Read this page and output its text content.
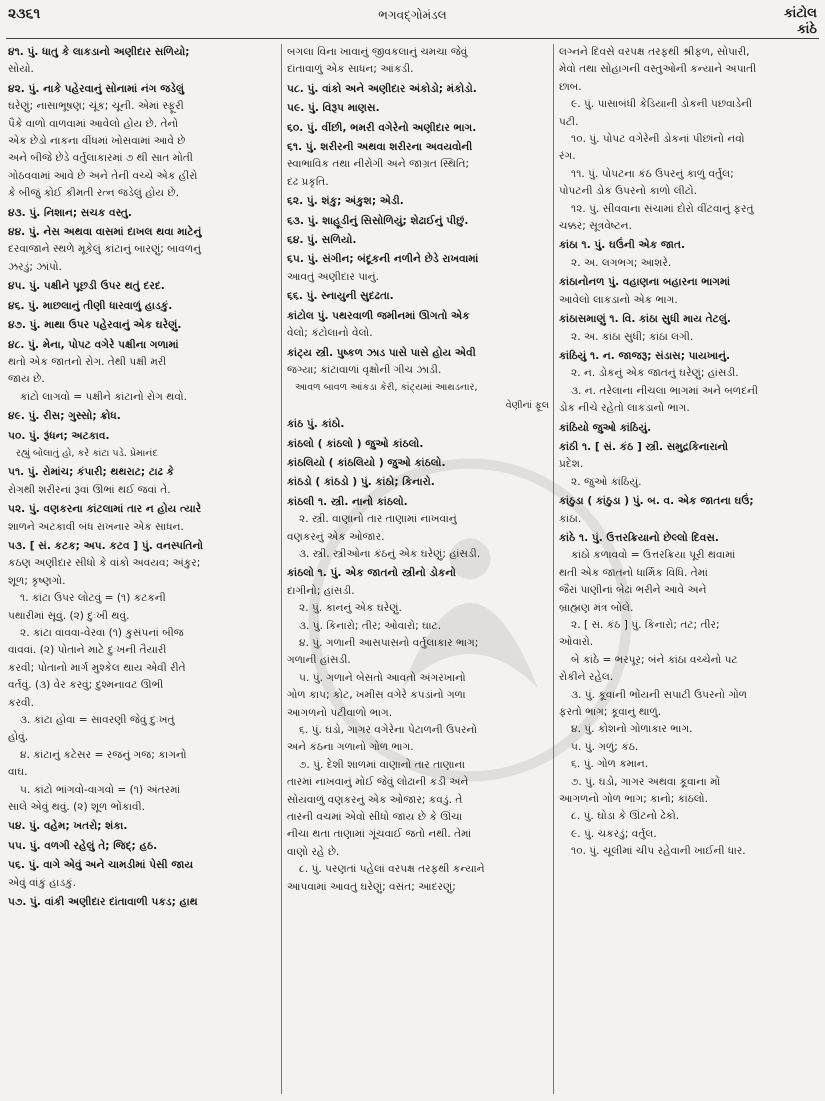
૨૩૬૧	ભગવદ્ગોમંડલ	કાંટોલ
કાંઠે
૪૧. પું. ધાતુ કે લાકડાનો અણીદાર સળિયો;
સોયો.
૪૨. પું. નાકે પહેરવાનું સોનામાં નંગ જડેલું
ઘરેણું; નાસાભૂષણ; ચૂંક; ચૂની. એમાં સ્ફૂરી
પૈકે વાળો વાળવામાં આવેલો હોય છે. તેનો
એક છેડો નાકના વીંધમાં ખોસવામાં આવે છે
અને બીજે છેડે વર્તુલાકારમાં ૭ થી સાત મોતી
ગોઠવવામાં આવે છે અને તેની વચ્ચે એક હીરો
કે બીજું કોઈ કીમતી રત્ન જડેલું હોય છે.
૪૩. પું. નિશાન; સચક વસ્તુ.
૪૪. પું. નેસ અથવા વાસમાં દાખલ થવા માટેનું
દરવાજાને સ્થળે મૂકેલું કાંટાનું બારણું; બાવળનું
ઝરડું; ઝાંપો.
૪૫. પું. પક્ષીને પૂછડી ઉપર થતું દરદ.
૪૬. પું. માછલાનું તીણી ધારવાળું હાડકું.
૪૭. પું. માથા ઉપર પહેરવાનું એક ઘરેણું.
૪૮. પું. મેના, પોપટ વગેરે પક્ષીના ગળામાં
થતો એક જાતનો રોગ. તેથી પક્ષી મરી
જાય છે.
કાંટો લાગવો = પક્ષીને કાંટાનો રોગ થવો.
૪૯. પું. રીસ; ગુસ્સો; ક્રોધ.
૫૦. પું. રૂંધન; અટકાવ.
રહ્યું બોલાતું હો, કરે કાંટા પડે. પ્રેમાનંદ
૫૧. પું. રોમાંચ; કંપારી; થથરાટ; ટાઢ કે
રોગથી શરીરનાં રૂવાં ઊભાં થઈ જવાં તે.
૫૨. પું. વણકરના કાંટલામાં તાર ન હોય ત્યારે
શાળને અટકાવી બંધ રાખનાર એક સાધન.
૫૩. [ સં. કટક; અપ. કટવ ] પું. વનસ્પતિનો
કઠણ અણીદાર સીધો કે વાંકો અવયવ; અંકુર;
શૂળ; કૃષ્ણગો.
૧. કાંટા ઉપર લોટવું = (૧) કટકની
પથારીમાં સૂવું. (૨) દુઃખી થવું.
૨. કાંટા વાવવા-વેરવા (૧) કુસંપનાં બીજ
વાવવાં. (૨) પોતાને માટે દુઃખની તૈયારી
કરવી; પોતાનો માર્ગ મુશ્કેલ થાય એવી રીતે
વર્તવું. (૩) વેર કરવું; દુશ્મનાવટ ઊભી
કરવી.
૩. કાંટા હોવા = સાવરણી જેવું દુઃખતું
હોવું.
૪. કાંટાનું કટેસર = રજનું ગજ; કાગનો
વાઘ.
૫. કાંટો ભાંગવો-વાગવો = (૧) અંતરમાં
સાલે એવું થવું. (૨) શૂળ ભોંકાવી.
૫૪. પું. વહેમ; ખતરો; શંકા.
૫૫. પું. વળગી રહેલું તે; જિદ્; હઠ.
૫૬. પું. વાગે એવું અને ચામડીમાં પેસી જાય
એવું વાંકું હાડકું.
૫૭. પું. વાંકી અણીદાર દાંતાવાળી પકડ; હાથ
બગલા વિના ખાવાનું જીવકલાનું ચમચા જેવું
દાંતાવાળું એક સાધન; આંકડી.
૫૮. પું. વાંકો અને અણીદાર અંકોડો; મંકોડો.
૫૯. પું. વિરૂપ માણસ.
૬૦. પું. વીંછી, ભમરી વગેરેનો અણીદાર ભાગ.
૬૧. પું. શરીરની અથવા શરીરના અવયવોની
સ્વાભાવિક તથા નીરોગી અને જાગ્રત સ્થિતિ;
દઢ પ્રકૃતિ.
૬૨. પું. શંકુ; અંકુશ; એડી.
૬૩. પું. શાહૂડીનું સિસોળિયું; શેઢાઈનું પીછું.
૬૪. પું. સળિયો.
૬૫. પું. સંગીન; બંદૂકની નળીને છેડે રાખવામાં
આવતું અણીદાર પાનું.
૬૬. પું. સ્નાયુની સુદઢતા.
કાંટોલ પું. પથરવાળી જમીનમાં ઊગતો એક
વેલો; કંટોલાનો વેલો.
કાંટ્ય સ્ત્રી. પુષ્કળ ઝાડ પાસે પાસે હોય એવી
જગ્યા; કાંટાવાળાં વૃક્ષોની ગીચ ઝાડી.
આવળ બાવળ આંકડા કેરી, કાંટ્યમાં આથડનાર,
વેણીનાં ફૂલ
કાંઠ પું. કાંઠો.
કાંઠલો ( કાંઠલો ) જુઓ કાંઠલો.
કાંઠલિયો ( કાંઠલિયો ) જુઓ કાંઠલો.
કાંઠડો ( કાંઠડો ) પું. કાંઠો; કિનારો.
કાંઠલી ૧. સ્ત્રી. નાનો કાંઠલો.
૨. સ્ત્રી. વાણાનો તાર તાણામાં નાખવાનું
વણકરનું એક ઓજાર.
૩. સ્ત્રી. સ્ત્રીઓના કંઠનું એક ઘરેણું; હાંસડી.
કાંઠલો ૧. પું. એક જાતનો સ્ત્રીનો ડોકનો
દાગીનો; હાંસડી.
૨. પું. કાનનું એક ઘરેણું.
૩. પું. કિનારો; તીર; ઓવારો; ઘાટ.
૪. પું. ગળાની આસપાસનો વર્તુલાકાર ભાગ;
ગળાની હાંસડી.
૫. પું. ગળાને બેસતો આવતો અંગરખાનો
ગોળ કાપ; કોટ, ખમીસ વગેરે કપડાંનો ગળા
આગળનો પટીવાળો ભાગ.
૬. પું. ઘડો, ગાગર વગેરેના પેટાળની ઉપરનો
અને કંઠના ગળાનો ગોળ ભાગ.
૭. પું. દેશી શાળમાં વાણાનો તાર તાણાના
તારમાં નાખવાનું મોઈ જેવું લોઢાની કડી અને
સોયવાળું વણકરનું એક ઓજાર; કવડું. તે
તારની વચમાં એવો સીધો જાય છે કે ઊંચા
નીચા થતા તાણામાં ગૂંચવાઈ જતો નથી. તેમાં
વાણો રહે છે.
૮. પું. પરણતાં પહેલાં વરપક્ષ તરફથી કન્યાને
આપવામાં આવતું ઘરેણું; વસંત; આદરણું;
લગ્નને દિવસે વરપક્ષ તરફથી શ્રીફળ, સોપારી,
મેવો તથા સોહાગની વસ્તુઓની કન્યાને અપાતી
છાબ.
૯. પું. પાસાબંધી કેડિયાની ડોકની પછવાડેની
પટી.
૧૦. પું. પોપટ વગેરેની ડોકનાં પીછાંનો નવો
રંગ.
૧૧. પું. પોપટના કંઠ ઉપરનું કાળું વર્તુલ;
પોપટની ડોક ઉપરનો કાળો લીટો.
૧૨. પું. સીવવાના સંચામાં દોરો વીંટવાનું ફરતું
ચક્કર; સૂત્રવેષ્ટન.
કાંઠા ૧. પું. ઘઉંની એક જાત.
૨. અ. લગભગ; આશરે.
કાંઠાનોનળ પું. વહાણના બહારના ભાગમાં
આવેલો લાકડાનો એક ભાગ.
કાંઠાસમાણું ૧. વિ. કાંઠા સુધી માય તેટલું.
૨. અ. કાંઠા સુધી; કાંઠા લગી.
કાંઠિયું ૧. ન. જાજરૂ; સંડાસ; પાયખાનું.
૨. ન. ડોકનું એક જાતનું ઘરેણું; હાંસડી.
૩. ન. તરેલાના નીચલા ભાગમાં અને બળદની
ડોક નીચે રહેતો લાકડાનો ભાગ.
કાંઠિયો જુઓ કાંઠિયું.
કાંઠી ૧. [ સં. કંઠ ] સ્ત્રી. સમુદ્રકિનારાનો
પ્રદેશ.
૨. જુઓ કાંઠિયું.
કાંઠુડા ( કાંઠુડા ) પું. બ. વ. એક જાતના ઘઉં;
કાંઠા.
કાંઠે ૧. પું. ઉત્તરક્રિયાનો છેલ્લો દિવસ.
કાંઠો કળાવવો = ઉત્તરક્રિયા પૂરી થવામાં
થતી એક જાતનો ધાર્મિક વિધિ. તેમાં
જૈરાં પાણીનાં બેઢાં ભરીને આવે અને
બ્રાહ્મણ મંત્ર બોલે.
૨. [ સં. કંઠ ] પું. કિનારો; તટ; તીર;
ઓવારો.
બે કાંઠે = ભરપૂર; બંને કાંઠા વચ્ચેનો પટ
રોકીને રહેલ.
૩. પું. કૂવાની ભોંયની સપાટી ઉપરનો ગોળ
ફરતો ભાગ; કૂવાનું થાળું.
૪. પું. કોશનો ગોળાકાર ભાગ.
૫. પું. ગળું; કંઠ.
૬. પું. ગોળ કમાન.
૭. પું. ઘડો, ગાગર અથવા કૂવાના મોં
આગળનો ગોળ ભાગ; કાનો; કાંઠલો.
૮. પું. ઘોડા કે ઊંટનો ઢેકો.
૯. પું. ચકરડું; વર્તુલ.
૧૦. પું. ચૂલીમાં ચીપ રહેવાની ખાઈની ધાર.
